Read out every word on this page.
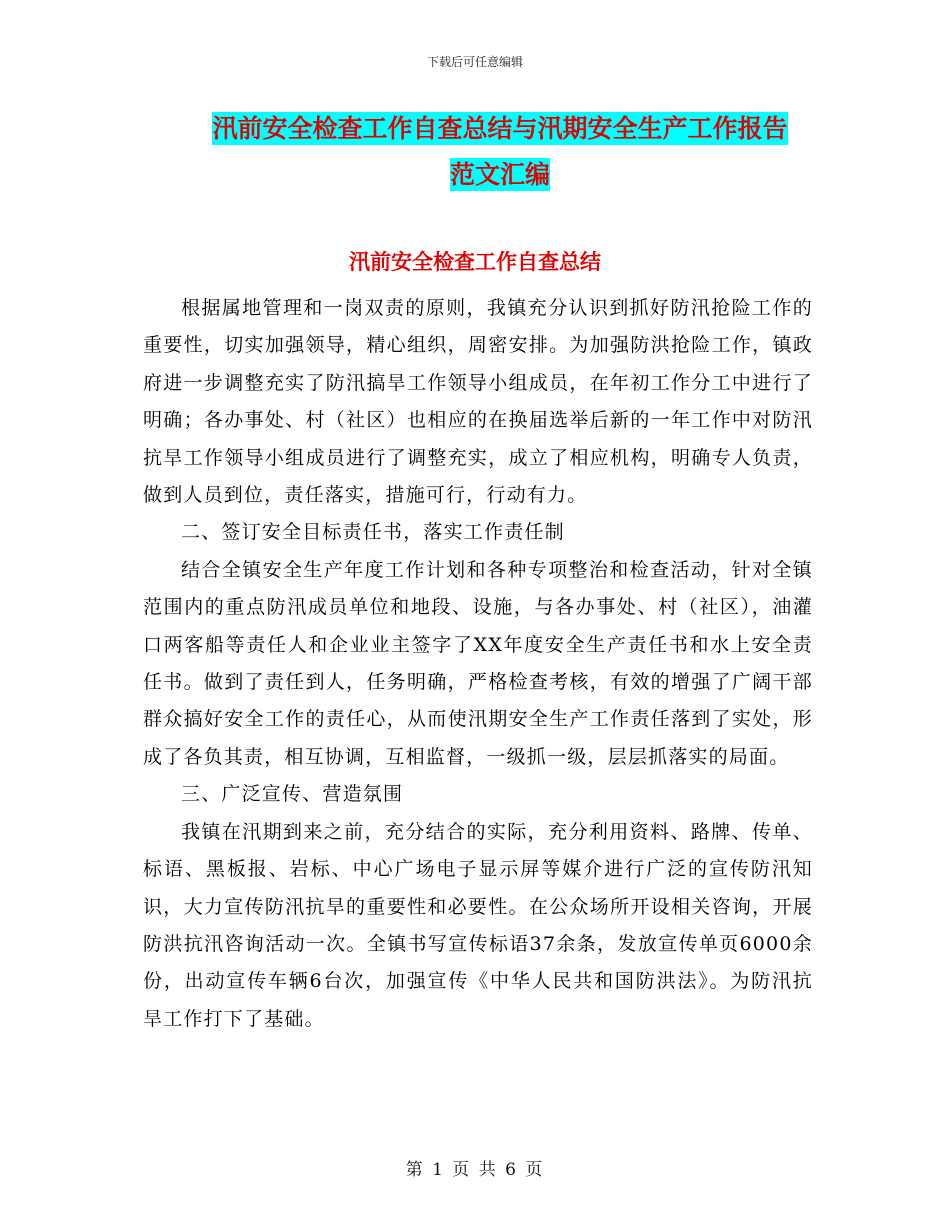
下载后可任意编辑
汛前安全检查工作自查总结与汛期安全生产工作报告
范文汇编
汛前安全检查工作自查总结

根据属地管理和一岗双责的原则，我镇充分认识到抓好防汛抢险工作的重要性，切实加强领导，精心组织，周密安排。为加强防洪抢险工作，镇政府进一步调整充实了防汛搞旱工作领导小组成员，在年初工作分工中进行了明确；各办事处、村（社区）也相应的在换届选举后新的一年工作中对防汛抗旱工作领导小组成员进行了调整充实，成立了相应机构，明确专人负责，做到人员到位，责任落实，措施可行，行动有力。

二、签订安全目标责任书，落实工作责任制

结合全镇安全生产年度工作计划和各种专项整治和检查活动，针对全镇范围内的重点防汛成员单位和地段、设施，与各办事处、村（社区），油灌口两客船等责任人和企业业主签字了XX年度安全生产责任书和水上安全责任书。做到了责任到人，任务明确，严格检查考核，有效的增强了广阔干部群众搞好安全工作的责任心，从而使汛期安全生产工作责任落到了实处，形成了各负其责，相互协调，互相监督，一级抓一级，层层抓落实的局面。

三、广泛宣传、营造氛围

我镇在汛期到来之前，充分结合的实际，充分利用资料、路牌、传单、标语、黑板报、岩标、中心广场电子显示屏等媒介进行广泛的宣传防汛知识，大力宣传防汛抗旱的重要性和必要性。在公众场所开设相关咨询，开展防洪抗汛咨询活动一次。全镇书写宣传标语37余条，发放宣传单页6000余份，出动宣传车辆6台次，加强宣传《中华人民共和国防洪法》。为防汛抗旱工作打下了基础。

第 1 页 共 6 页
